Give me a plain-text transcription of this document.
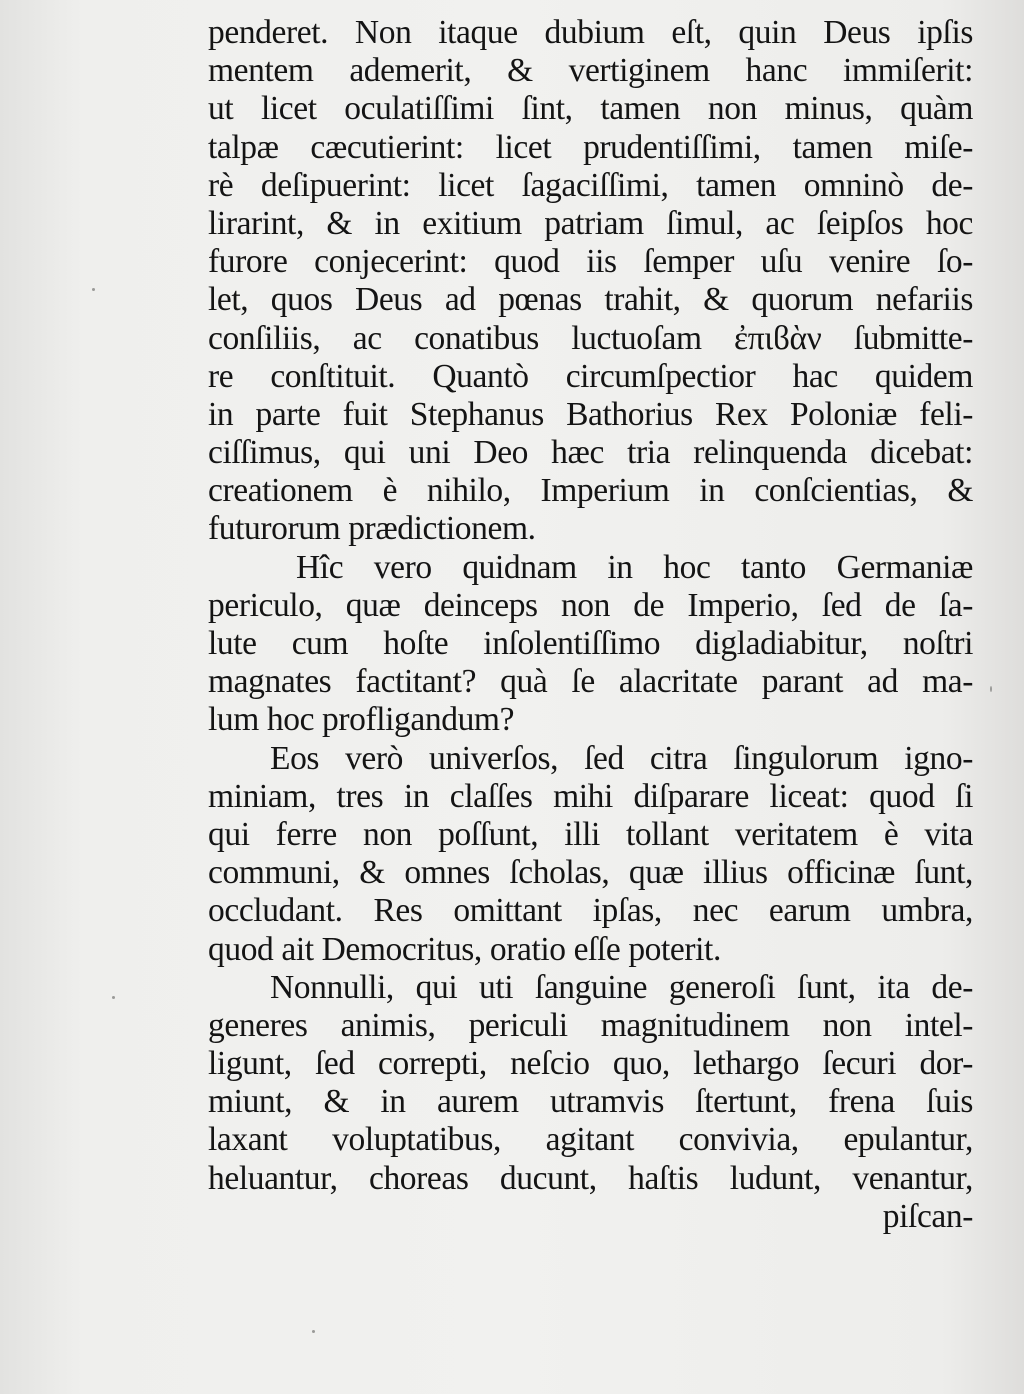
penderet. Non itaque dubium eſt, quin Deus ipſis
mentem ademerit, & vertiginem hanc immiſerit:
ut licet oculatiſſimi ſint, tamen non minus, quàm
talpæ cæcutierint: licet prudentiſſimi, tamen miſe-
rè deſipuerint: licet ſagaciſſimi, tamen omninò de-
lirarint, & in exitium patriam ſimul, ac ſeipſos hoc
furore conjecerint: quod iis ſemper uſu venire ſo-
let, quos Deus ad pœnas trahit, & quorum nefariis
conſiliis, ac conatibus luctuoſam ἐπιϐὰν ſubmitte-
re conſtituit. Quantò circumſpectior hac quidem
in parte fuit Stephanus Bathorius Rex Poloniæ feli-
ciſſimus, qui uni Deo hæc tria relinquenda dicebat:
creationem è nihilo, Imperium in conſcientias, &
futurorum prædictionem.
Hîc vero quidnam in hoc tanto Germaniæ
periculo, quæ deinceps non de Imperio, ſed de ſa-
lute cum hoſte inſolentiſſimo digladiabitur, noſtri
magnates factitant? quà ſe alacritate parant ad ma-
lum hoc profligandum?
Eos verò univerſos, ſed citra ſingulorum igno-
miniam, tres in claſſes mihi diſparare liceat: quod ſi
qui ferre non poſſunt, illi tollant veritatem è vita
communi, & omnes ſcholas, quæ illius officinæ ſunt,
occludant. Res omittant ipſas, nec earum umbra,
quod ait Democritus, oratio eſſe poterit.
Nonnulli, qui uti ſanguine generoſi ſunt, ita de-
generes animis, periculi magnitudinem non intel-
ligunt, ſed correpti, neſcio quo, lethargo ſecuri dor-
miunt, & in aurem utramvis ſtertunt, frena ſuis
laxant voluptatibus, agitant convivia, epulantur,
heluantur, choreas ducunt, haſtis ludunt, venantur,
piſcan-
